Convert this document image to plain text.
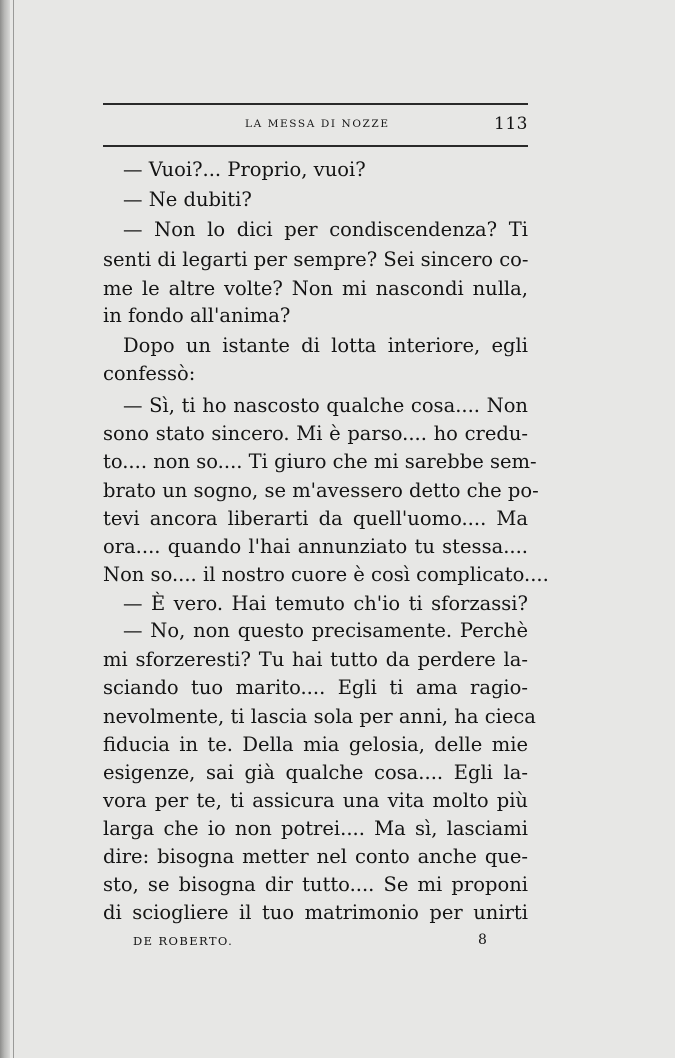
LA MESSA DI NOZZE	113
— Vuoi?... Proprio, vuoi?
— Ne dubiti?
— Non lo dici per condiscendenza? Ti
senti di legarti per sempre? Sei sincero co-
me le altre volte? Non mi nascondi nulla,
in fondo all'anima?
Dopo un istante di lotta interiore, egli
confessò:
— Sì, ti ho nascosto qualche cosa.... Non
sono stato sincero. Mi è parso.... ho credu-
to.... non so.... Ti giuro che mi sarebbe sem-
brato un sogno, se m'avessero detto che po-
tevi ancora liberarti da quell'uomo.... Ma
ora.... quando l'hai annunziato tu stessa....
Non so.... il nostro cuore è così complicato....
— È vero. Hai temuto ch'io ti sforzassi?
— No, non questo precisamente. Perchè
mi sforzeresti? Tu hai tutto da perdere la-
sciando tuo marito.... Egli ti ama ragio-
nevolmente, ti lascia sola per anni, ha cieca
fiducia in te. Della mia gelosia, delle mie
esigenze, sai già qualche cosa.... Egli la-
vora per te, ti assicura una vita molto più
larga che io non potrei.... Ma sì, lasciami
dire: bisogna metter nel conto anche que-
sto, se bisogna dir tutto.... Se mi proponi
di sciogliere il tuo matrimonio per unirti
DE ROBERTO.	8
